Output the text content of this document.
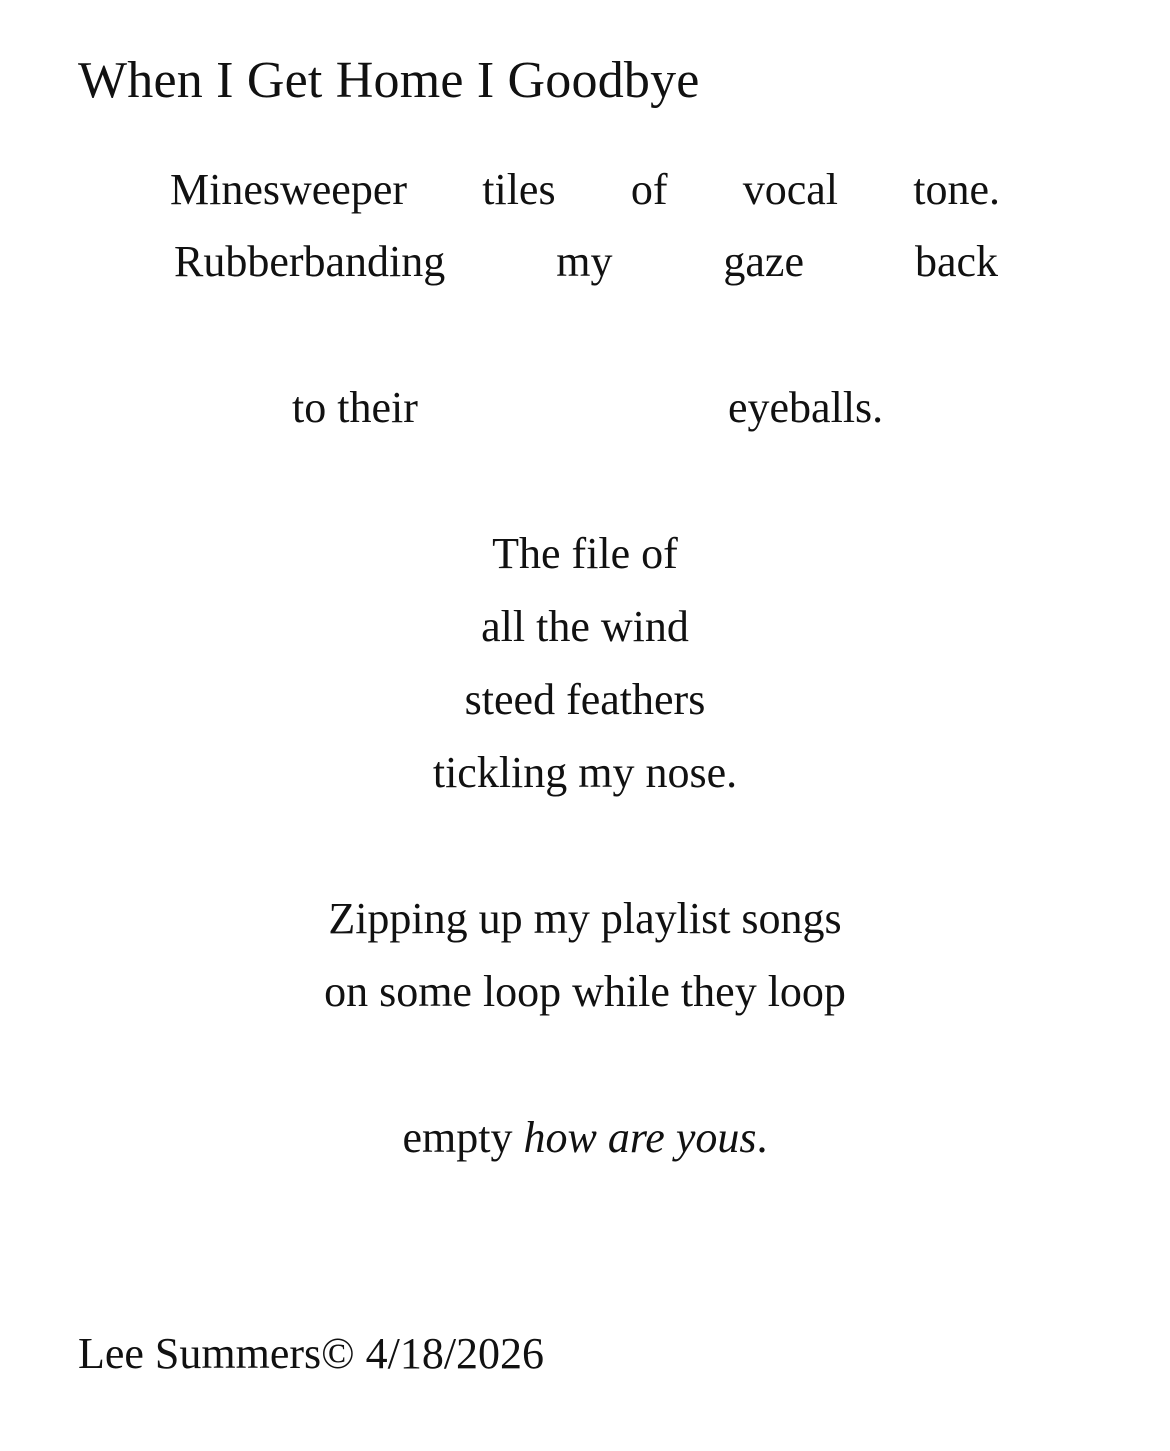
When I Get Home I Goodbye
Minesweeper tiles of vocal tone.
Rubberbanding	my	gaze	back
to their	eyeballs.
The file of
all the wind
steed feathers
tickling my nose.
Zipping up my playlist songs
on some loop while they loop
empty how are yous.
Lee Summers© 4/18/2026
